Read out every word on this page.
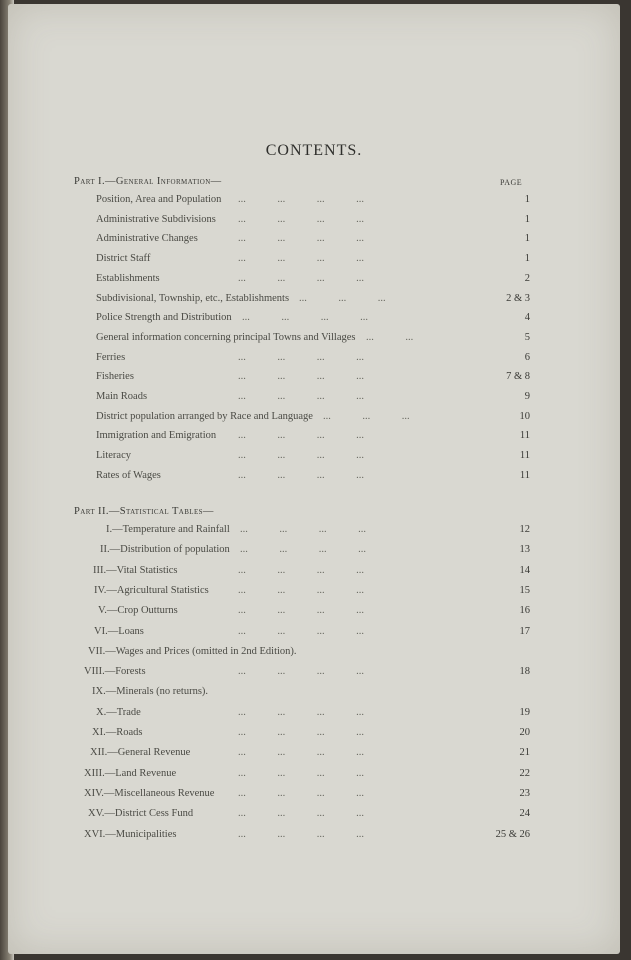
CONTENTS.
Part I.—General Information—	PAGE
Position, Area and Population ...   ...   ...   ...	1
Administrative Subdivisions ...   ...   ...   ...	1
Administrative Changes	...   ...   ...   ...	1
District Staff	...   ...   ...   ...	1
Establishments	...   ...   ...   ...	2
Subdivisional, Township, etc., Establishments ...   ...   ...	2 & 3
Police Strength and Distribution ...   ...   ...   ...	4
General information concerning principal Towns and Villages ...   ...	5
Ferries	...   ...   ...   ...	6
Fisheries	...   ...   ...   ...	7 & 8
Main Roads	...   ...   ...   ...	9
District population arranged by Race and Language ...   ...   ...	10
Immigration and Emigration ...   ...   ...   ...	11
Literacy	...   ...   ...   ...	11
Rates of Wages	...   ...   ...   ...	11
Part II.—Statistical Tables—
I.—Temperature and Rainfall ...   ...   ...   ...	12
II.—Distribution of population ...   ...   ...   ...	13
III.—Vital Statistics	...   ...   ...   ...	14
IV.—Agricultural Statistics	...   ...   ...   ...	15
V.—Crop Outturns	...   ...   ...   ...	16
VI.—Loans	...   ...   ...   ...	17
VII.—Wages and Prices (omitted in 2nd Edition).
VIII.—Forests	...   ...   ...   ...	18
IX.—Minerals (no returns).
X.—Trade	...   ...   ...   ...	19
XI.—Roads	...   ...   ...   ...	20
XII.—General Revenue	...   ...   ...   ...	21
XIII.—Land Revenue	...   ...   ...   ...	22
XIV.—Miscellaneous Revenue ...   ...   ...   ...	23
XV.—District Cess Fund	...   ...   ...   ...	24
XVI.—Municipalities	...   ...   ...   ...	25 & 26
